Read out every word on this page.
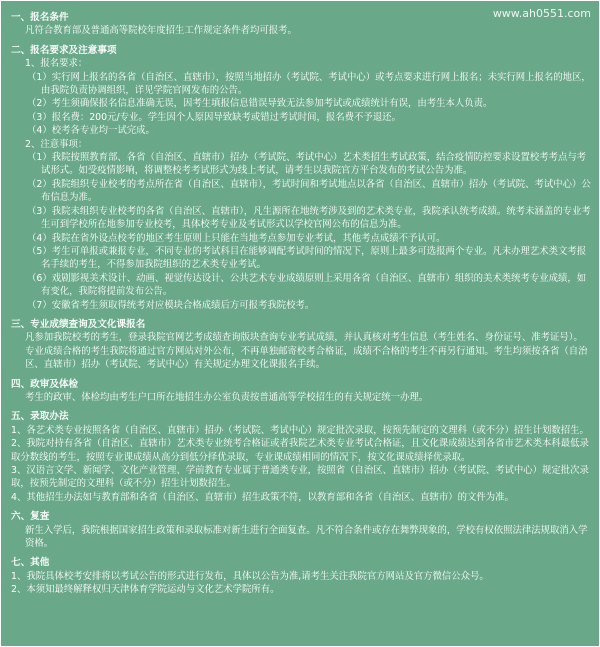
www.ah0551.com
一、报名条件

凡符合教育部及普通高等院校年度招生工作规定条件者均可报考。

二、报名要求及注意事项

1、报名要求：

（1）实行网上报名的各省（自治区、直辖市），按照当地招办（考试院、考试中心）或考点要求进行网上报名；未实行网上报名的地区，由我院负责协调组织，详见学院官网发布的公告。

（2）考生须确保报名信息准确无误，因考生填报信息错误导致无法参加考试或成绩统计有误，由考生本人负责。

（3）报名费：200元/专业。学生因个人原因导致缺考或错过考试时间，报名费不予退还。

（4）校考各专业均一试完成。

2、注意事项：

（1）我院按照教育部、各省（自治区、直辖市）招办（考试院、考试中心）艺术类招生考试政策，结合疫情防控要求设置校考考点与考试形式。如受疫情影响，将调整校考考试形式为线上考试，请考生以我院官方平台发布的考试公告为准。

（2）我院组织专业校考的考点所在省（自治区、直辖市），考试时间和考试地点以各省（自治区、直辖市）招办（考试院、考试中心）公布信息为准。

（3）我院未组织专业校考的各省（自治区、直辖市），凡生源所在地统考涉及到的艺术类专业，我院承认统考成绩。统考未涵盖的专业考生可到学校所在地参加专业校考，具体校考专业及考试形式以学校官网公布的信息为准。

（4）我院在省外设点校考的地区考生原则上只能在当地考点参加专业考试，其他考点成绩不予认可。

（5）考生可单报或兼报专业，不同专业的考试科目在能够调配考试时间的情况下，原则上最多可选报两个专业。凡未办理艺术类文考报名手续的考生，不得参加我院组织的艺术类专业考试。

（6）戏剧影视美术设计、动画、视觉传达设计、公共艺术专业成绩原则上采用各省（自治区、直辖市）组织的美术类统考专业成绩，如有变化，我院将提前发布公告。

（7）安徽省考生须取得统考对应模块合格成绩后方可报考我院校考。

三、专业成绩查询及文化课报名

凡参加我院校考的考生，登录我院官网艺考成绩查询版块查询专业考试成绩，并认真核对考生信息（考生姓名、身份证号、准考证号）。专业成绩合格的考生我院将通过官方网站对外公布，不再单独邮寄校考合格证，成绩不合格的考生不再另行通知。考生均须按各省（自治区、直辖市）招办（考试院、考试中心）有关规定办理文化课报名手续。

四、政审及体检

考生的政审、体检均由考生户口所在地招生办公室负责按普通高等学校招生的有关规定统一办理。

五、录取办法

1、各艺术类专业按照各省（自治区、直辖市）招办（考试院、考试中心）规定批次录取，按预先制定的文理科（或不分）招生计划数招生。

2、我院对持有各省（自治区、直辖市）艺术类专业统考合格证或者我院艺术类专业考试合格证，且文化课成绩达到各省市艺术类本科最低录取分数线的考生，按照专业课成绩从高分到低分择优录取，专业课成绩相同的情况下，按文化课成绩择优录取。

3、汉语言文学、新闻学、文化产业管理、学前教育专业属于普通类专业，按照省（自治区、直辖市）招办（考试院、考试中心）规定批次录取，按预先制定的文理科（或不分）招生计划数招生。

4、其他招生办法如与教育部和各省（自治区、直辖市）招生政策不符，以教育部和各省（自治区、直辖市）的文件为准。

六、复查

新生入学后，我院根据国家招生政策和录取标准对新生进行全面复查。凡不符合条件或存在舞弊现象的，学校有权依照法律法规取消入学资格。

七、其他

1、我院具体校考安排将以考试公告的形式进行发布，具体以公告为准,请考生关注我院官方网站及官方微信公众号。

2、本须知最终解释权归天津体育学院运动与文化艺术学院所有。
